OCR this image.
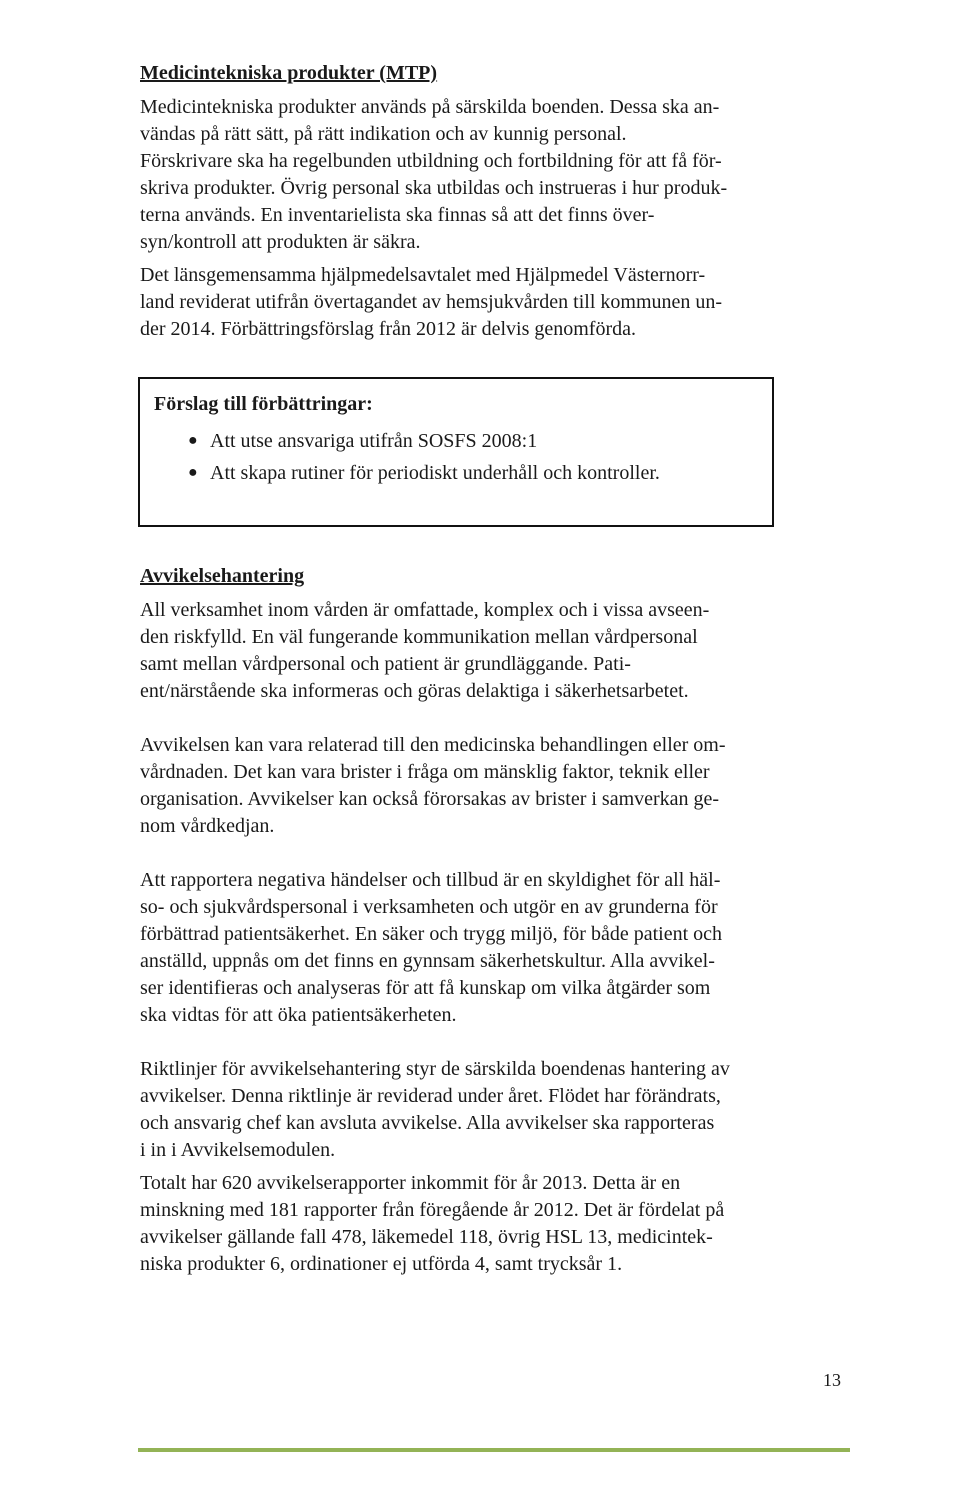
Medicintekniska produkter (MTP)

Medicintekniska produkter används på särskilda boenden. Dessa ska an-

vändas på rätt sätt, på rätt indikation och av kunnig personal.

Förskrivare ska ha regelbunden utbildning och fortbildning för att få för-

skriva produkter. Övrig personal ska utbildas och instrueras i hur produk-

terna används. En inventarielista ska finnas så att det finns över-

syn/kontroll att produkten är säkra.

Det länsgemensamma hjälpmedelsavtalet med Hjälpmedel Västernorr-

land reviderat utifrån övertagandet av hemsjukvården till kommunen un-

der 2014. Förbättringsförslag från 2012 är delvis genomförda.

Förslag till förbättringar:

● Att utse ansvariga utifrån SOSFS 2008:1
● Att skapa rutiner för periodiskt underhåll och kontroller.

Avvikelsehantering

All verksamhet inom vården är omfattade, komplex och i vissa avseen-

den riskfylld. En väl fungerande kommunikation mellan vårdpersonal

samt mellan vårdpersonal och patient är grundläggande. Pati-

ent/närstående ska informeras och göras delaktiga i säkerhetsarbetet.

Avvikelsen kan vara relaterad till den medicinska behandlingen eller om-

vårdnaden. Det kan vara brister i fråga om mänsklig faktor, teknik eller

organisation. Avvikelser kan också förorsakas av brister i samverkan ge-

nom vårdkedjan.

Att rapportera negativa händelser och tillbud är en skyldighet för all häl-

so- och sjukvårdspersonal i verksamheten och utgör en av grunderna för

förbättrad patientsäkerhet. En säker och trygg miljö, för både patient och

anställd, uppnås om det finns en gynnsam säkerhetskultur. Alla avvikel-

ser identifieras och analyseras för att få kunskap om vilka åtgärder som

ska vidtas för att öka patientsäkerheten.

Riktlinjer för avvikelsehantering styr de särskilda boendenas hantering av

avvikelser. Denna riktlinje är reviderad under året. Flödet har förändrats,

och ansvarig chef kan avsluta avvikelse. Alla avvikelser ska rapporteras

i in i Avvikelsemodulen.

Totalt har 620 avvikelserapporter inkommit för år 2013. Detta är en

minskning med 181 rapporter från föregående år 2012. Det är fördelat på

avvikelser gällande fall 478, läkemedel 118, övrig HSL 13, medicintek-

niska produkter 6, ordinationer ej utförda 4, samt trycksår 1.

13
